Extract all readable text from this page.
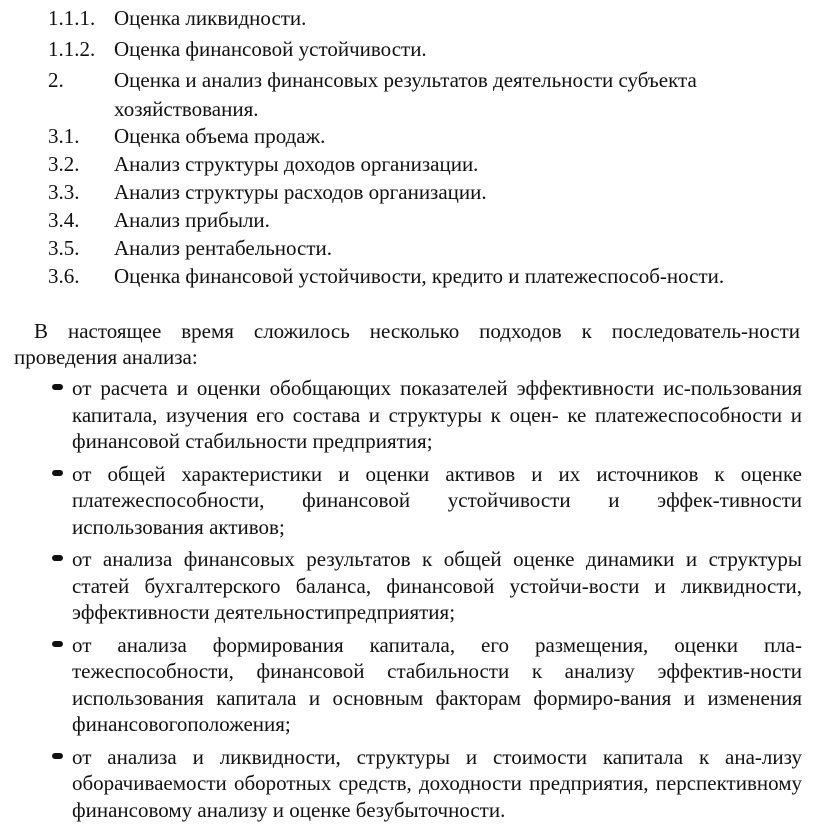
1.1.1. Оценка ликвидности.
1.1.2. Оценка финансовой устойчивости.
2. Оценка и анализ финансовых результатов деятельности субъекта хозяйствования.
3.1. Оценка объема продаж.
3.2. Анализ структуры доходов организации.
3.3. Анализ структуры расходов организации.
3.4. Анализ прибыли.
3.5. Анализ рентабельности.
3.6. Оценка финансовой устойчивости, кредито и платежеспособ-ности.

В настоящее время сложилось несколько подходов к последователь-ности проведения анализа:

от расчета и оценки обобщающих показателей эффективности ис-пользования капитала, изучения его состава и структуры к оцен- ке платежеспособности и финансовой стабильности предприятия;
от общей характеристики и оценки активов и их источников к оценке платежеспособности, финансовой устойчивости и эффек-тивности использования активов;
от анализа финансовых результатов к общей оценке динамики и структуры статей бухгалтерского баланса, финансовой устойчи-вости и ликвидности, эффективности деятельностипредприятия;
от анализа формирования капитала, его размещения, оценки пла-тежеспособности, финансовой стабильности к анализу эффектив-ности использования капитала и основным факторам формиро-вания и изменения финансовогоположения;
от анализа и ликвидности, структуры и стоимости капитала к ана-лизу оборачиваемости оборотных средств, доходности предприятия, перспективному финансовому анализу и оценке безубыточности.
